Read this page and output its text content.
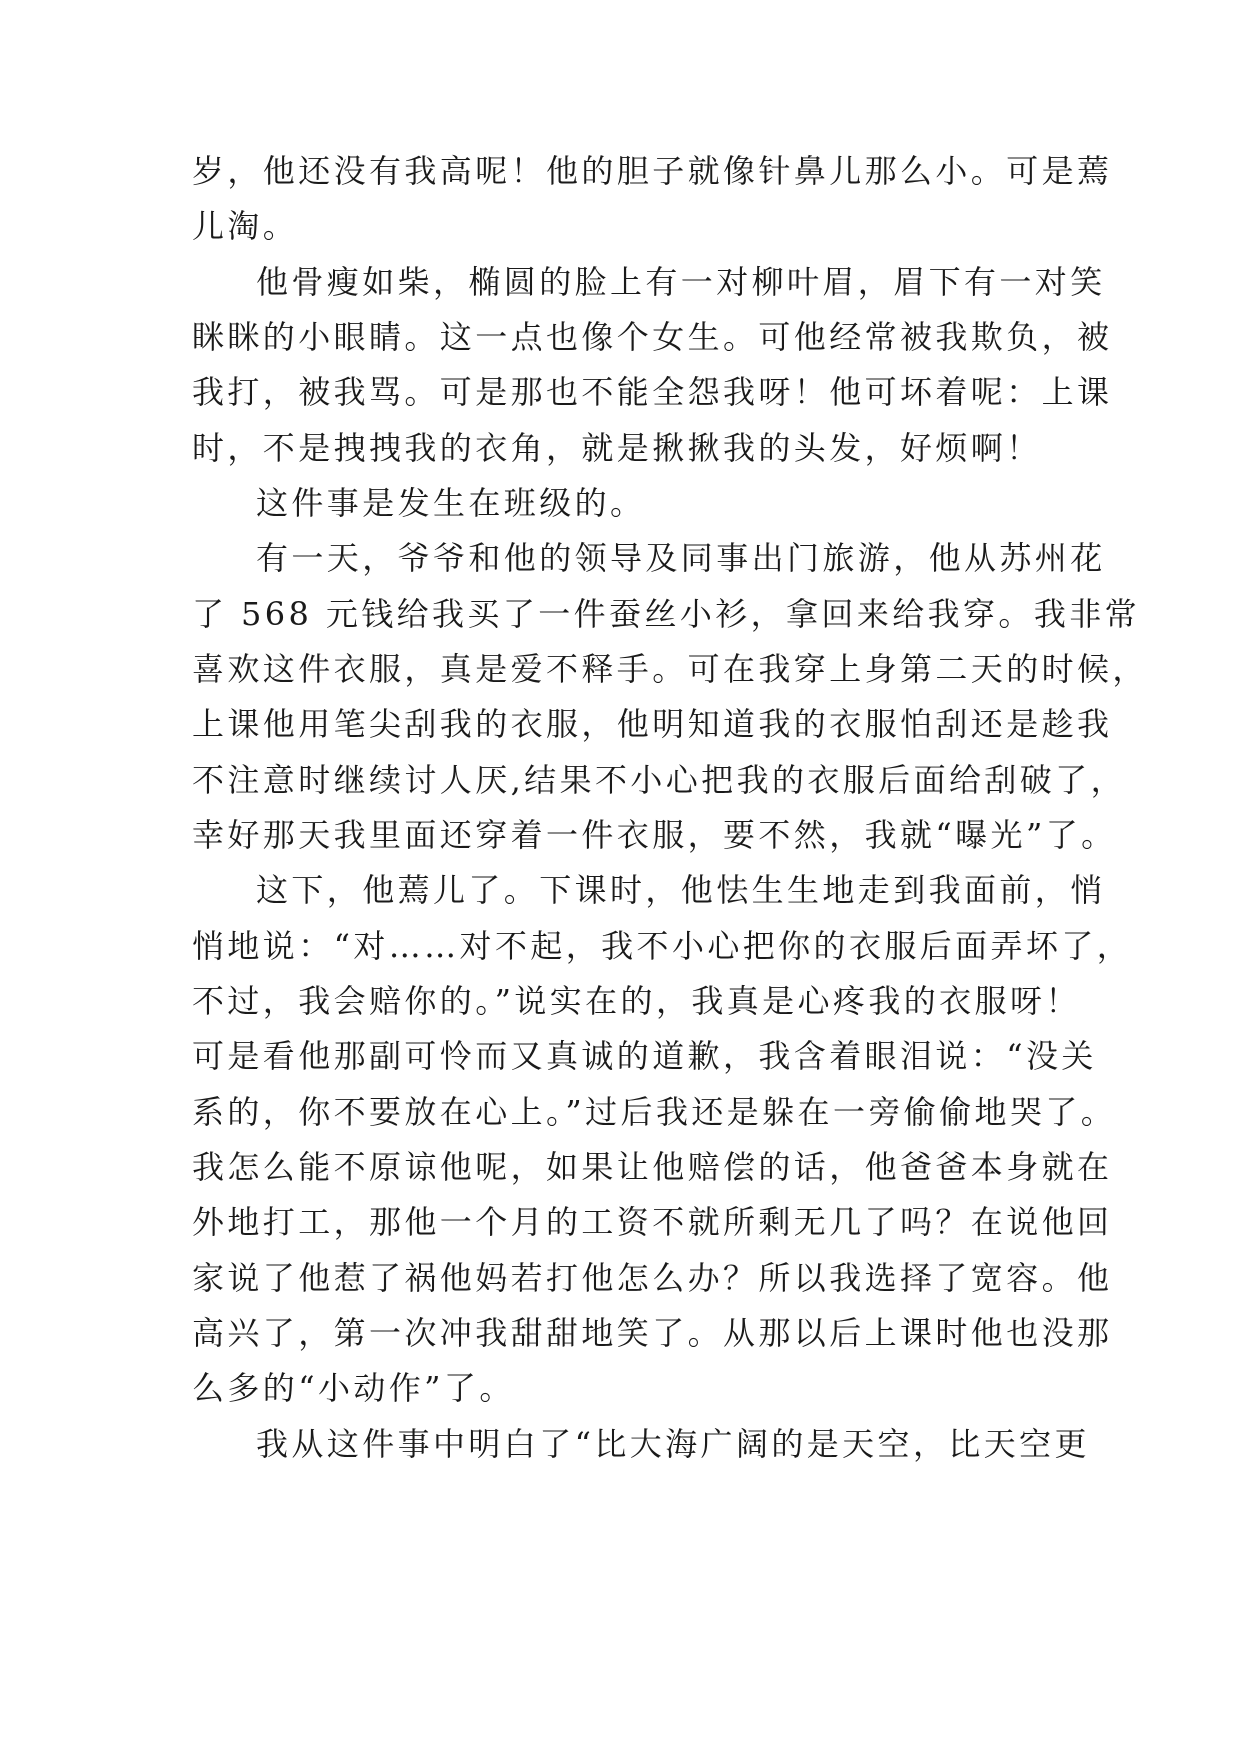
岁，他还没有我高呢！他的胆子就像针鼻儿那么小。可是蔫
儿淘。
他骨瘦如柴，椭圆的脸上有一对柳叶眉，眉下有一对笑
眯眯的小眼睛。这一点也像个女生。可他经常被我欺负，被
我打，被我骂。可是那也不能全怨我呀！他可坏着呢：上课
时，不是拽拽我的衣角，就是揪揪我的头发，好烦啊！
这件事是发生在班级的。
有一天，爷爷和他的领导及同事出门旅游，他从苏州花
了 568 元钱给我买了一件蚕丝小衫，拿回来给我穿。我非常
喜欢这件衣服，真是爱不释手。可在我穿上身第二天的时候，
上课他用笔尖刮我的衣服，他明知道我的衣服怕刮还是趁我
不注意时继续讨人厌,结果不小心把我的衣服后面给刮破了，
幸好那天我里面还穿着一件衣服，要不然，我就“曝光”了。
这下，他蔫儿了。下课时，他怯生生地走到我面前，悄
悄地说：“对……对不起，我不小心把你的衣服后面弄坏了，
不过，我会赔你的。”说实在的，我真是心疼我的衣服呀！
可是看他那副可怜而又真诚的道歉，我含着眼泪说：“没关
系的，你不要放在心上。”过后我还是躲在一旁偷偷地哭了。
我怎么能不原谅他呢，如果让他赔偿的话，他爸爸本身就在
外地打工，那他一个月的工资不就所剩无几了吗？在说他回
家说了他惹了祸他妈若打他怎么办？所以我选择了宽容。他
高兴了，第一次冲我甜甜地笑了。从那以后上课时他也没那
么多的“小动作”了。
我从这件事中明白了“比大海广阔的是天空，比天空更
